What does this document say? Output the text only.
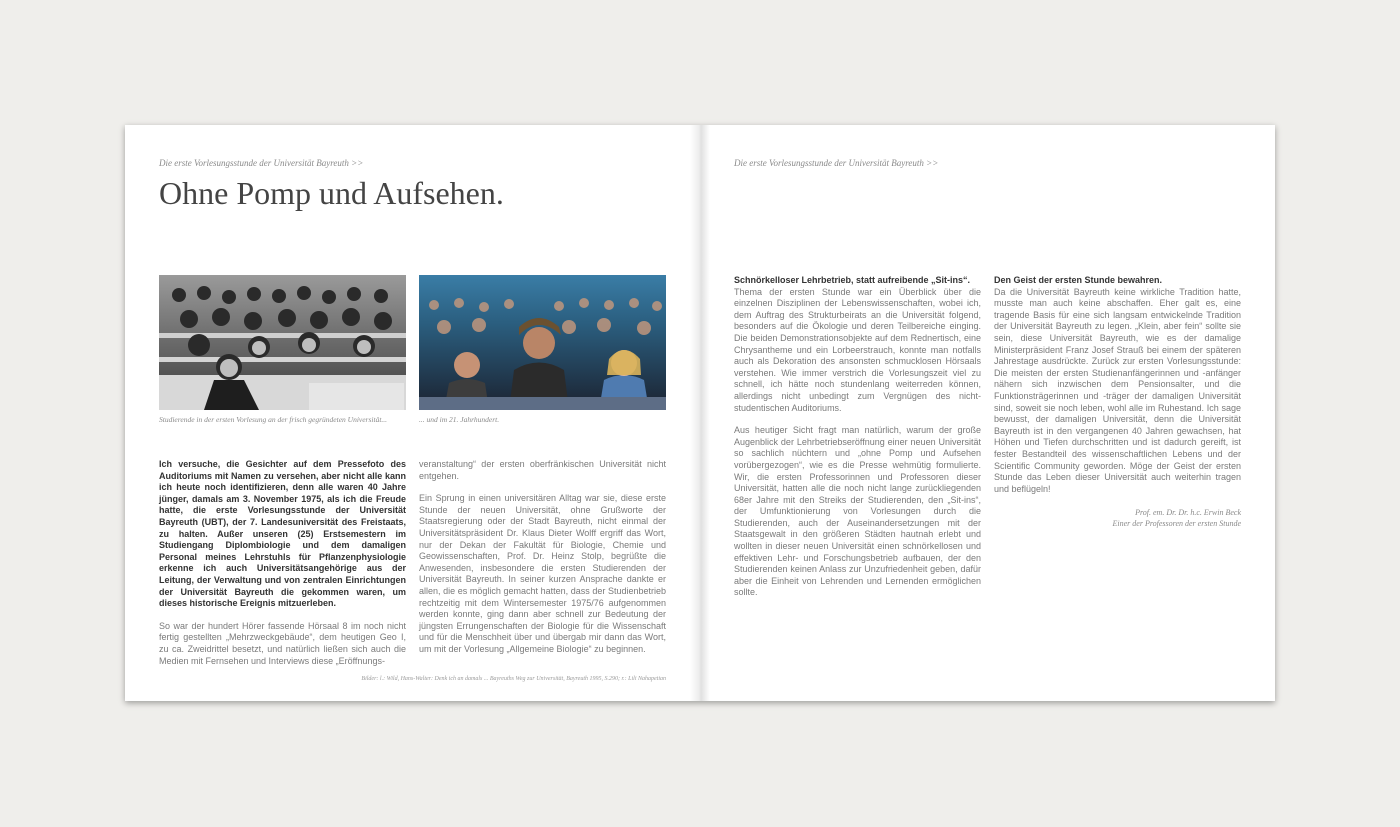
Die erste Vorlesungsstunde der Universität Bayreuth >>
Ohne Pomp und Aufsehen.
Studierende in der ersten Vorlesung an der frisch gegründeten Universität...	... und im 21. Jahrhundert.

Ich versuche, die Gesichter auf dem Pressefoto des Auditoriums mit Namen zu versehen, aber nicht alle kann ich heute noch identifizieren, denn alle waren 40 Jahre jünger, damals am 3. November 1975, als ich die Freude hatte, die erste Vorlesungsstunde der Universität Bayreuth (UBT), der 7. Landesuniversität des Freistaats, zu halten. Außer unseren (25) Erstsemestern im Studiengang Diplombiologie und dem damaligen Personal meines Lehrstuhls für Pflanzenphysiologie erkenne ich auch Universitätsangehörige aus der Leitung, der Verwaltung und von zentralen Einrichtungen der Universität Bayreuth die gekommen waren, um dieses historische Ereignis mitzuerleben.

So war der hundert Hörer fassende Hörsaal 8 im noch nicht fertig gestellten „Mehrzweckgebäude“, dem heutigen Geo I, zu ca. Zweidrittel besetzt, und natürlich ließen sich auch die Medien mit Fernsehen und Interviews diese „Eröffnungs-

veranstaltung“ der ersten oberfränkischen Universität nicht entgehen.

Ein Sprung in einen universitären Alltag war sie, diese erste Stunde der neuen Universität, ohne Grußworte der Staatsregierung oder der Stadt Bayreuth, nicht einmal der Universitätspräsident Dr. Klaus Dieter Wolff ergriff das Wort, nur der Dekan der Fakultät für Biologie, Chemie und Geowissenschaften, Prof. Dr. Heinz Stolp, begrüßte die Anwesenden, insbesondere die ersten Studierenden der Universität Bayreuth. In seiner kurzen Ansprache dankte er allen, die es möglich gemacht hatten, dass der Studienbetrieb rechtzeitig mit dem Wintersemester 1975/76 aufgenommen werden konnte, ging dann aber schnell zur Bedeutung der jüngsten Errungenschaften der Biologie für die Wissenschaft und für die Menschheit über und übergab mir dann das Wort, um mit der Vorlesung „Allgemeine Biologie“ zu beginnen.

Bilder: l.: Wild, Hans-Walter: Denk ich an damals ... Bayreuths Weg zur Universität, Bayreuth 1995, S.290; r.: Lili Nahapetian
Die erste Vorlesungsstunde der Universität Bayreuth >>

Schnörkelloser Lehrbetrieb, statt aufreibende „Sit-ins“.

Thema der ersten Stunde war ein Überblick über die einzelnen Disziplinen der Lebenswissenschaften, wobei ich, dem Auftrag des Strukturbeirats an die Universität folgend, besonders auf die Ökologie und deren Teilbereiche einging. Die beiden Demonstrationsobjekte auf dem Rednertisch, eine Chrysantheme und ein Lorbeerstrauch, konnte man notfalls auch als Dekoration des ansonsten schmucklosen Hörsaals verstehen. Wie immer verstrich die Vorlesungszeit viel zu schnell, ich hätte noch stundenlang weiterreden können, allerdings nicht unbedingt zum Vergnügen des nicht-studentischen Auditoriums.

Aus heutiger Sicht fragt man natürlich, warum der große Augenblick der Lehrbetriebseröffnung einer neuen Universität so sachlich nüchtern und „ohne Pomp und Aufsehen vorübergezogen“, wie es die Presse wehmütig formulierte. Wir, die ersten Professorinnen und Professoren dieser Universität, hatten alle die noch nicht lange zurückliegenden 68er Jahre mit den Streiks der Studierenden, den „Sit-ins“, der Umfunktionierung von Vorlesungen durch die Studierenden, auch der Auseinandersetzungen mit der Staatsgewalt in den größeren Städten hautnah erlebt und wollten in dieser neuen Universität einen schnörkellosen und effektiven Lehr- und Forschungsbetrieb aufbauen, der den Studierenden keinen Anlass zur Unzufriedenheit geben, dafür aber die Einheit von Lehrenden und Lernenden ermöglichen sollte.

Den Geist der ersten Stunde bewahren.

Da die Universität Bayreuth keine wirkliche Tradition hatte, musste man auch keine abschaffen. Eher galt es, eine tragende Basis für eine sich langsam entwickelnde Tradition der Universität Bayreuth zu legen. „Klein, aber fein“ sollte sie sein, diese Universität Bayreuth, wie es der damalige Ministerpräsident Franz Josef Strauß bei einem der späteren Jahrestage ausdrückte. Zurück zur ersten Vorlesungsstunde: Die meisten der ersten Studienanfängerinnen und -anfänger nähern sich inzwischen dem Pensionsalter, und die Funktionsträgerinnen und -träger der damaligen Universität sind, soweit sie noch leben, wohl alle im Ruhestand. Ich sage bewusst, der damaligen Universität, denn die Universität Bayreuth ist in den vergangenen 40 Jahren gewachsen, hat Höhen und Tiefen durchschritten und ist dadurch gereift, ist fester Bestandteil des wissenschaftlichen Lebens und der Scientific Community geworden. Möge der Geist der ersten Stunde das Leben dieser Universität auch weiterhin tragen und beflügeln!

Prof. em. Dr. Dr. h.c. Erwin Beck
Einer der Professoren der ersten Stunde
